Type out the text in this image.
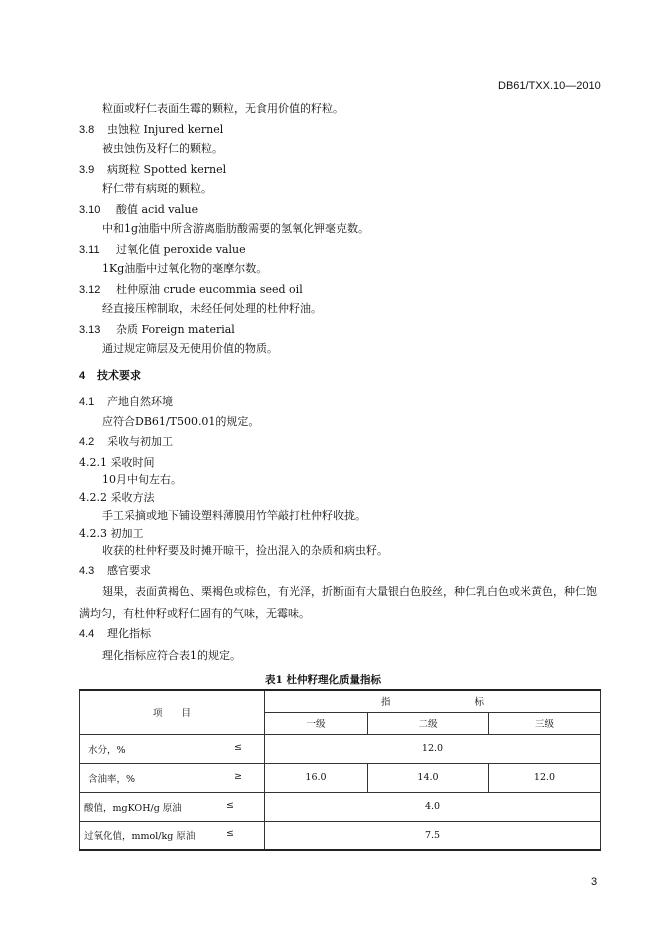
DB61/TXX.10—2010
粒面或籽仁表面生霉的颗粒，无食用价值的籽粒。
3.8 虫蚀粒 Injured kernel
被虫蚀伤及籽仁的颗粒。
3.9 病斑粒 Spotted kernel
籽仁带有病斑的颗粒。
3.10 酸值 acid value
中和1g油脂中所含游离脂肪酸需要的氢氧化钾毫克数。
3.11 过氧化值 peroxide value
1Kg油脂中过氧化物的毫摩尔数。
3.12 杜仲原油 crude eucommia seed oil
经直接压榨制取，未经任何处理的杜仲籽油。
3.13 杂质 Foreign material
通过规定筛层及无使用价值的物质。
4 技术要求
4.1 产地自然环境
应符合DB61/T500.01的规定。
4.2 采收与初加工
4.2.1 采收时间
10月中旬左右。
4.2.2 采收方法
手工采摘或地下铺设塑料薄膜用竹竿敲打杜仲籽收拢。
4.2.3 初加工
收获的杜仲籽要及时摊开晾干，捡出混入的杂质和病虫籽。
4.3 感官要求
翅果，表面黄褐色、栗褐色或棕色，有光泽，折断面有大量银白色胶丝，种仁乳白色或米黄色，种仁饱满均匀，有杜仲籽或籽仁固有的气味，无霉味。
4.4 理化指标
理化指标应符合表1的规定。
表1 杜仲籽理化质量指标
项　　目	指 标		
	一级	二级	三级

水分，% ≤	12.0		

含油率，% ≥	16.0	14.0	12.0

酸值，mgKOH/g 原油 ≤	4.0		

过氧化值，mmol/kg 原油 ≤	7.5		
3
